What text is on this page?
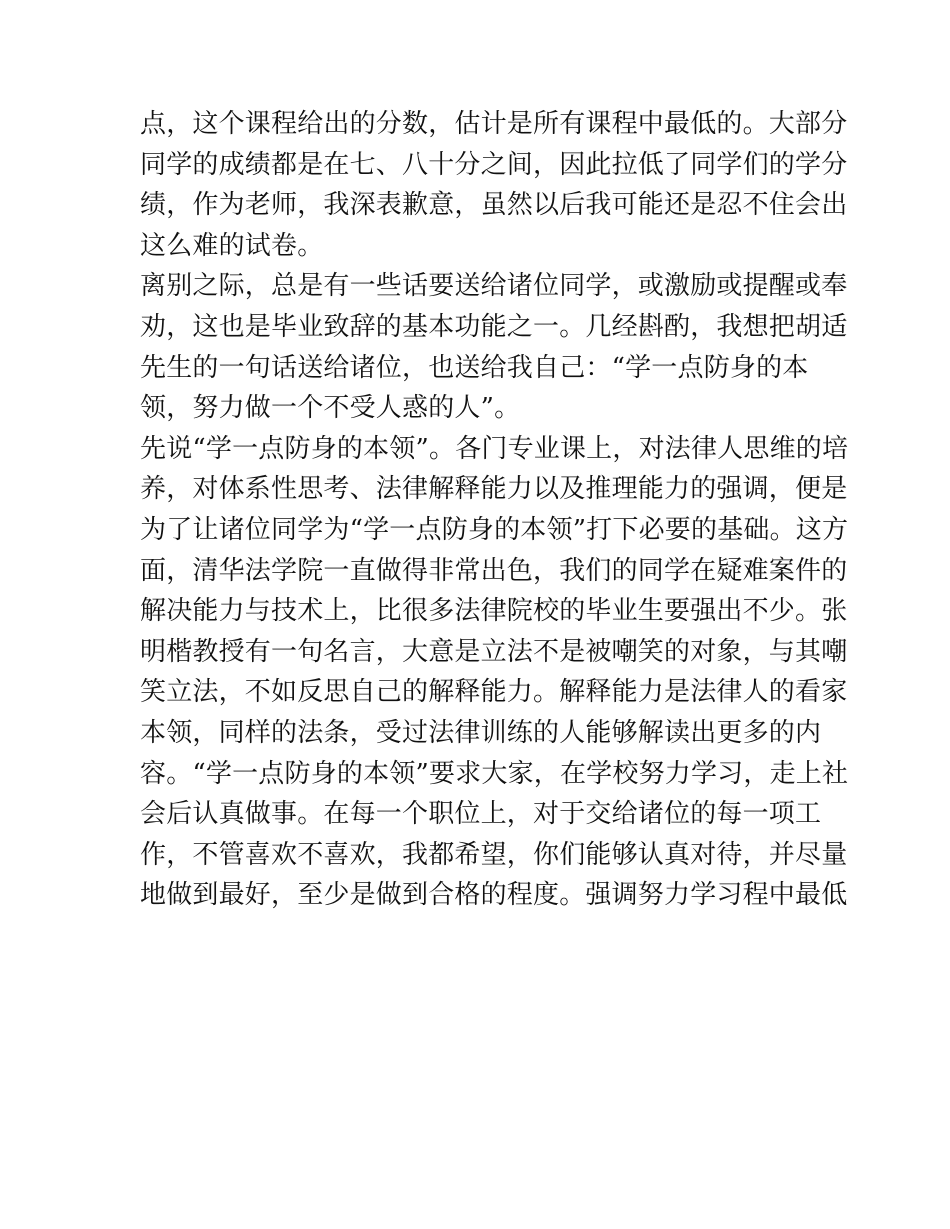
点，这个课程给出的分数，估计是所有课程中最低的。大部分
同学的成绩都是在七、八十分之间，因此拉低了同学们的学分
绩，作为老师，我深表歉意，虽然以后我可能还是忍不住会出
这么难的试卷。
离别之际，总是有一些话要送给诸位同学，或激励或提醒或奉
劝，这也是毕业致辞的基本功能之一。几经斟酌，我想把胡适
先生的一句话送给诸位，也送给我自己：“学一点防身的本
领，努力做一个不受人惑的人”。
先说“学一点防身的本领”。各门专业课上，对法律人思维的培
养，对体系性思考、法律解释能力以及推理能力的强调，便是
为了让诸位同学为“学一点防身的本领”打下必要的基础。这方
面，清华法学院一直做得非常出色，我们的同学在疑难案件的
解决能力与技术上，比很多法律院校的毕业生要强出不少。张
明楷教授有一句名言，大意是立法不是被嘲笑的对象，与其嘲
笑立法，不如反思自己的解释能力。解释能力是法律人的看家
本领，同样的法条，受过法律训练的人能够解读出更多的内
容。“学一点防身的本领”要求大家，在学校努力学习，走上社
会后认真做事。在每一个职位上，对于交给诸位的每一项工
作，不管喜欢不喜欢，我都希望，你们能够认真对待，并尽量
地做到最好，至少是做到合格的程度。强调努力学习程中最低
